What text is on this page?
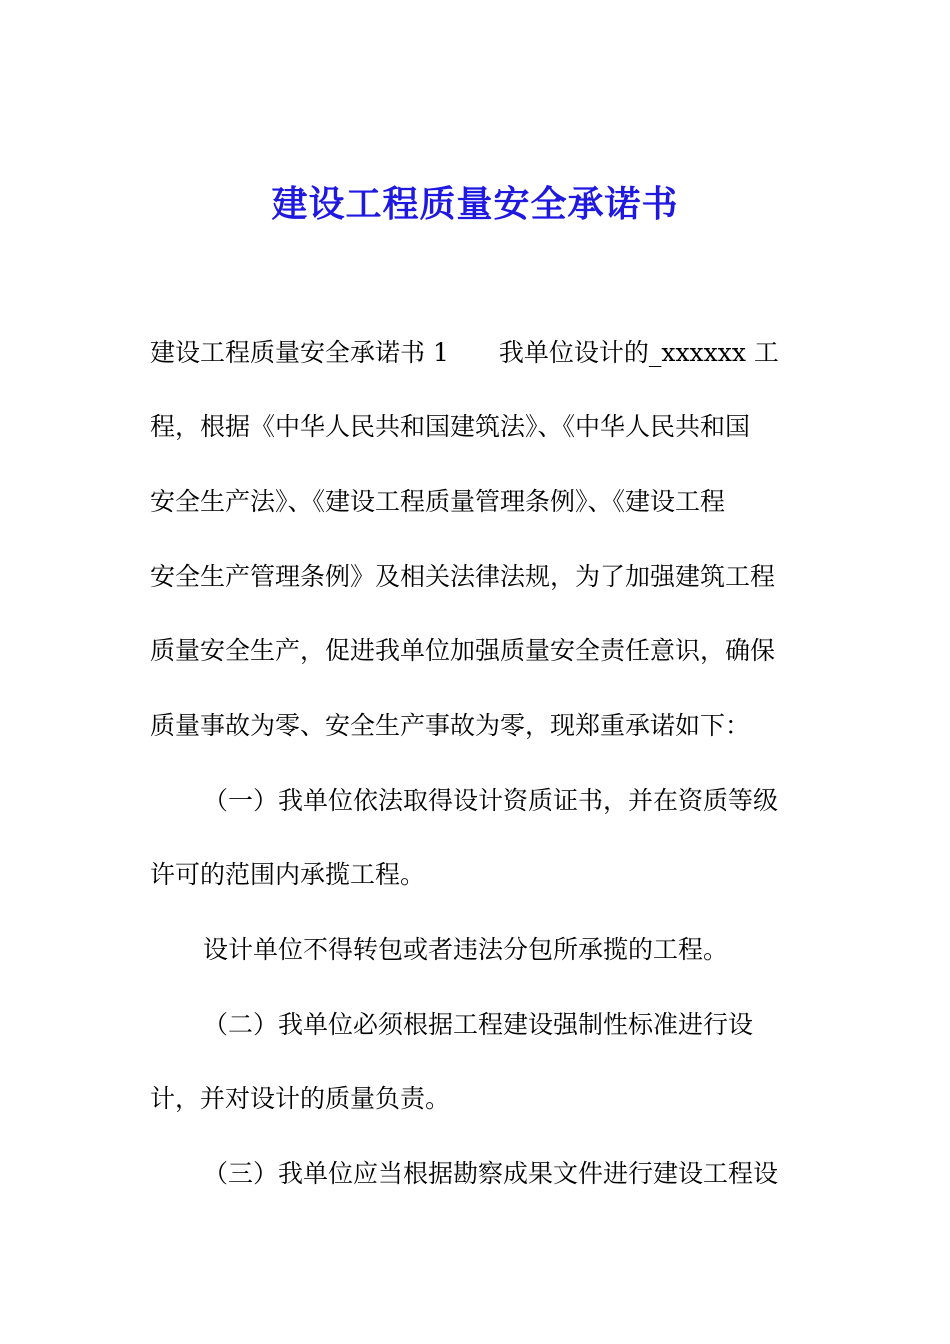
建设工程质量安全承诺书
建设工程质量安全承诺书 1 我单位设计的_xxxxxx 工
程，根据《中华人民共和国建筑法》、《中华人民共和国
安全生产法》、《建设工程质量管理条例》、《建设工程
安全生产管理条例》及相关法律法规，为了加强建筑工程
质量安全生产，促进我单位加强质量安全责任意识，确保
质量事故为零、安全生产事故为零，现郑重承诺如下：
（一）我单位依法取得设计资质证书，并在资质等级
许可的范围内承揽工程。
设计单位不得转包或者违法分包所承揽的工程。
（二）我单位必须根据工程建设强制性标准进行设
计，并对设计的质量负责。
（三）我单位应当根据勘察成果文件进行建设工程设
